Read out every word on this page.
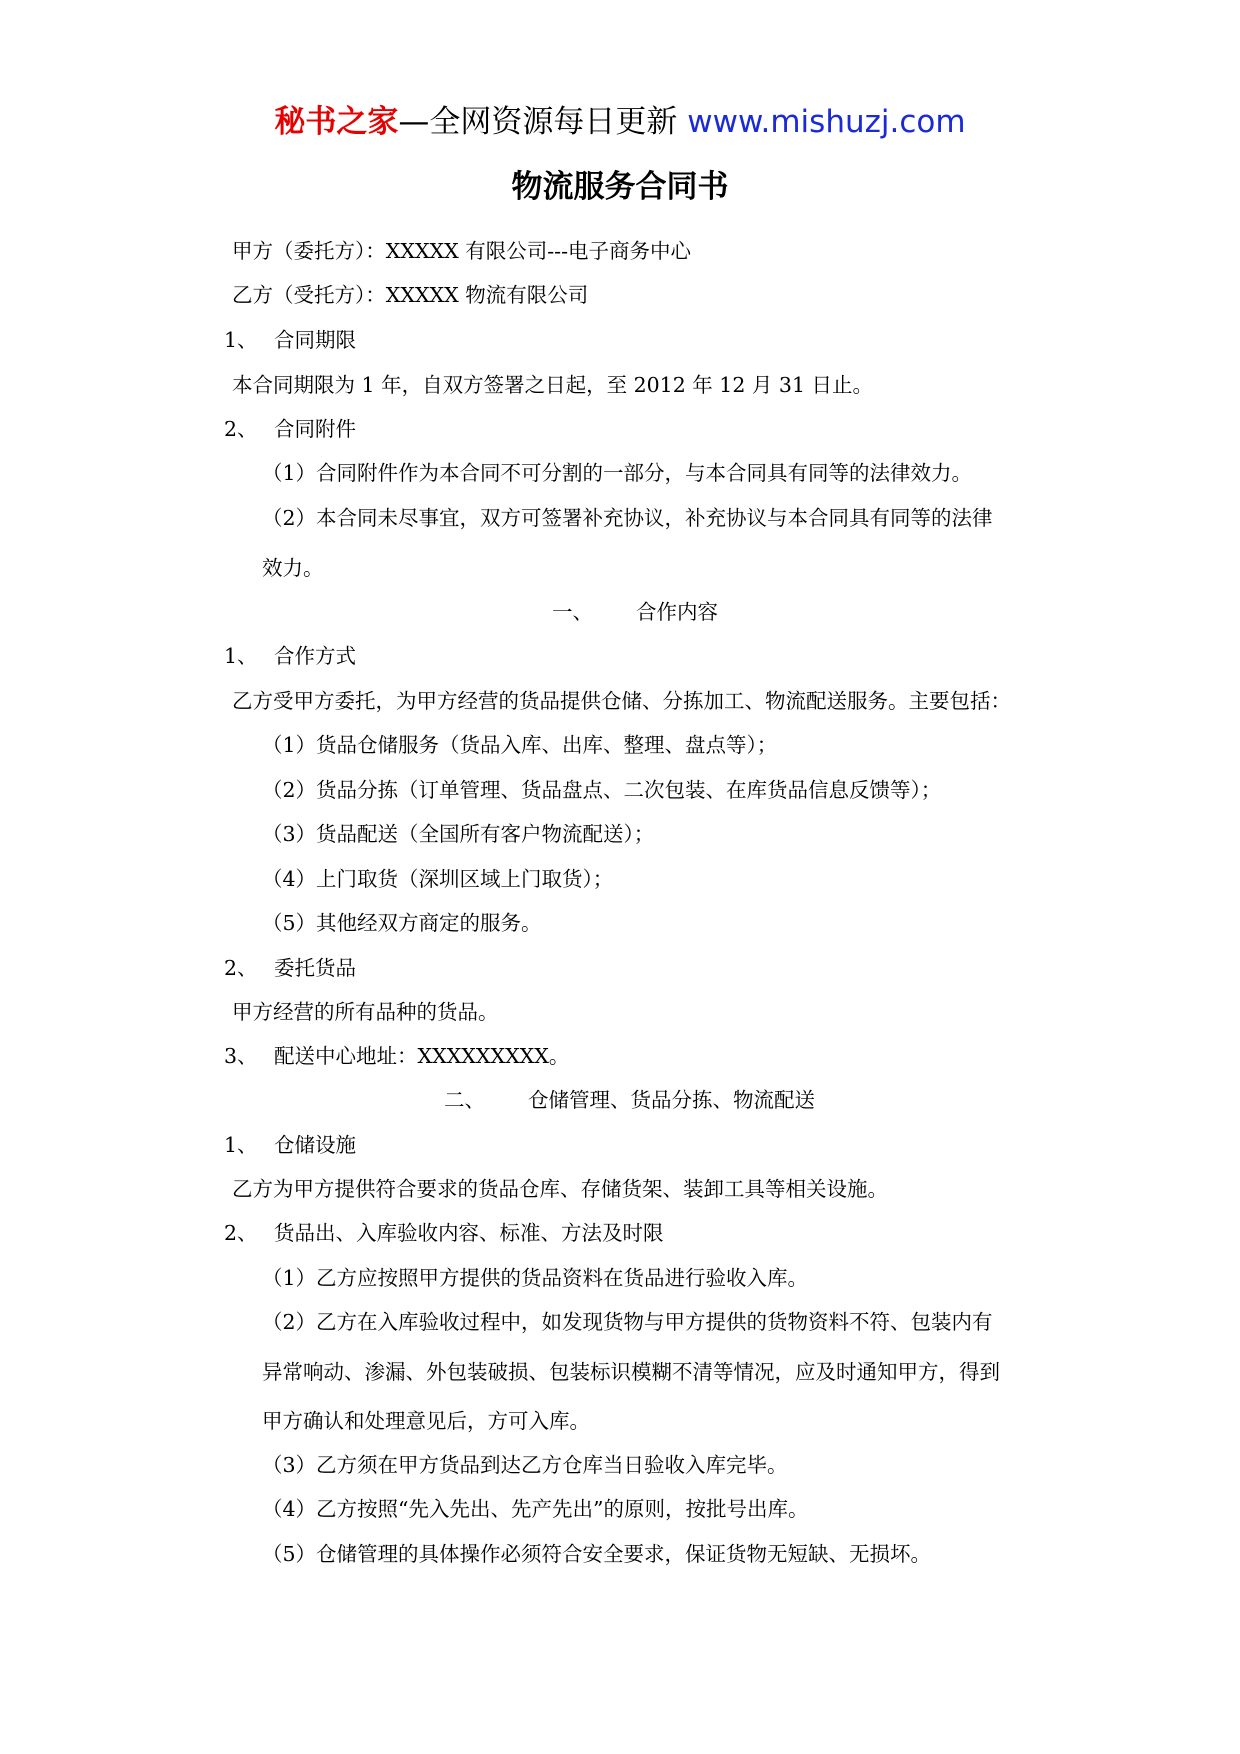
秘书之家—全网资源每日更新 www.mishuzj.com
物流服务合同书
甲方（委托方）：XXXXX 有限公司---电子商务中心
乙方（受托方）：XXXXX 物流有限公司
1、 合同期限
本合同期限为 1 年，自双方签署之日起，至 2012 年 12 月 31 日止。
2、 合同附件
（1）合同附件作为本合同不可分割的一部分，与本合同具有同等的法律效力。
（2）本合同未尽事宜，双方可签署补充协议，补充协议与本合同具有同等的法律
效力。
一、 合作内容
1、 合作方式
乙方受甲方委托，为甲方经营的货品提供仓储、分拣加工、物流配送服务。主要包括：
（1）货品仓储服务（货品入库、出库、整理、盘点等）；
（2）货品分拣（订单管理、货品盘点、二次包装、在库货品信息反馈等）；
（3）货品配送（全国所有客户物流配送）；
（4）上门取货（深圳区域上门取货）；
（5）其他经双方商定的服务。
2、 委托货品
甲方经营的所有品种的货品。
3、 配送中心地址：XXXXXXXXX。
二、 仓储管理、货品分拣、物流配送
1、 仓储设施
乙方为甲方提供符合要求的货品仓库、存储货架、装卸工具等相关设施。
2、 货品出、入库验收内容、标准、方法及时限
（1）乙方应按照甲方提供的货品资料在货品进行验收入库。
（2）乙方在入库验收过程中，如发现货物与甲方提供的货物资料不符、包装内有
异常响动、渗漏、外包装破损、包装标识模糊不清等情况，应及时通知甲方，得到
甲方确认和处理意见后，方可入库。
（3）乙方须在甲方货品到达乙方仓库当日验收入库完毕。
（4）乙方按照“先入先出、先产先出”的原则，按批号出库。
（5）仓储管理的具体操作必须符合安全要求，保证货物无短缺、无损坏。
